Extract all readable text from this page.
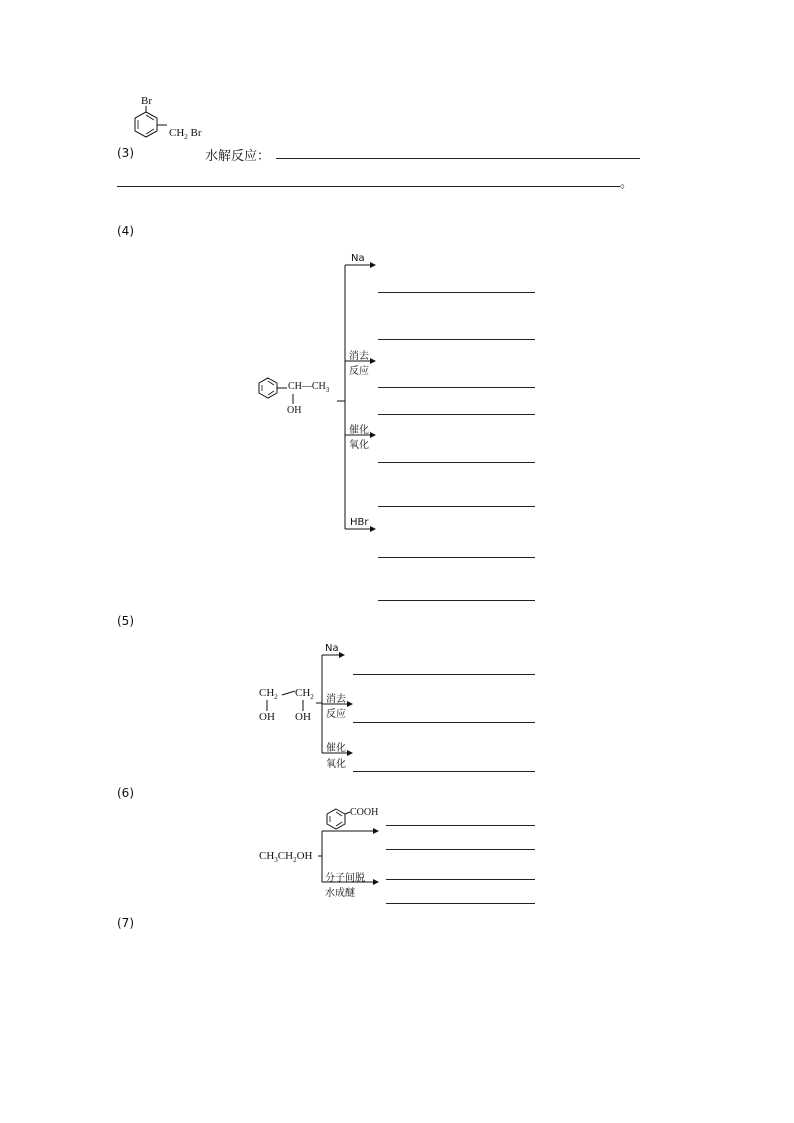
(3)
Br
$CH_2$ Br
水解反应：
。
(4)
$CH—CH_3$
OH
Na
消去
反应
催化
氧化
HBr
(5)
$CH_2$ $CH_2$
OH OH
Na
消去
反应
催化
氧化
(6)
$CH_3CH_2OH$
COOH
分子间脱
水成醚
(7)
